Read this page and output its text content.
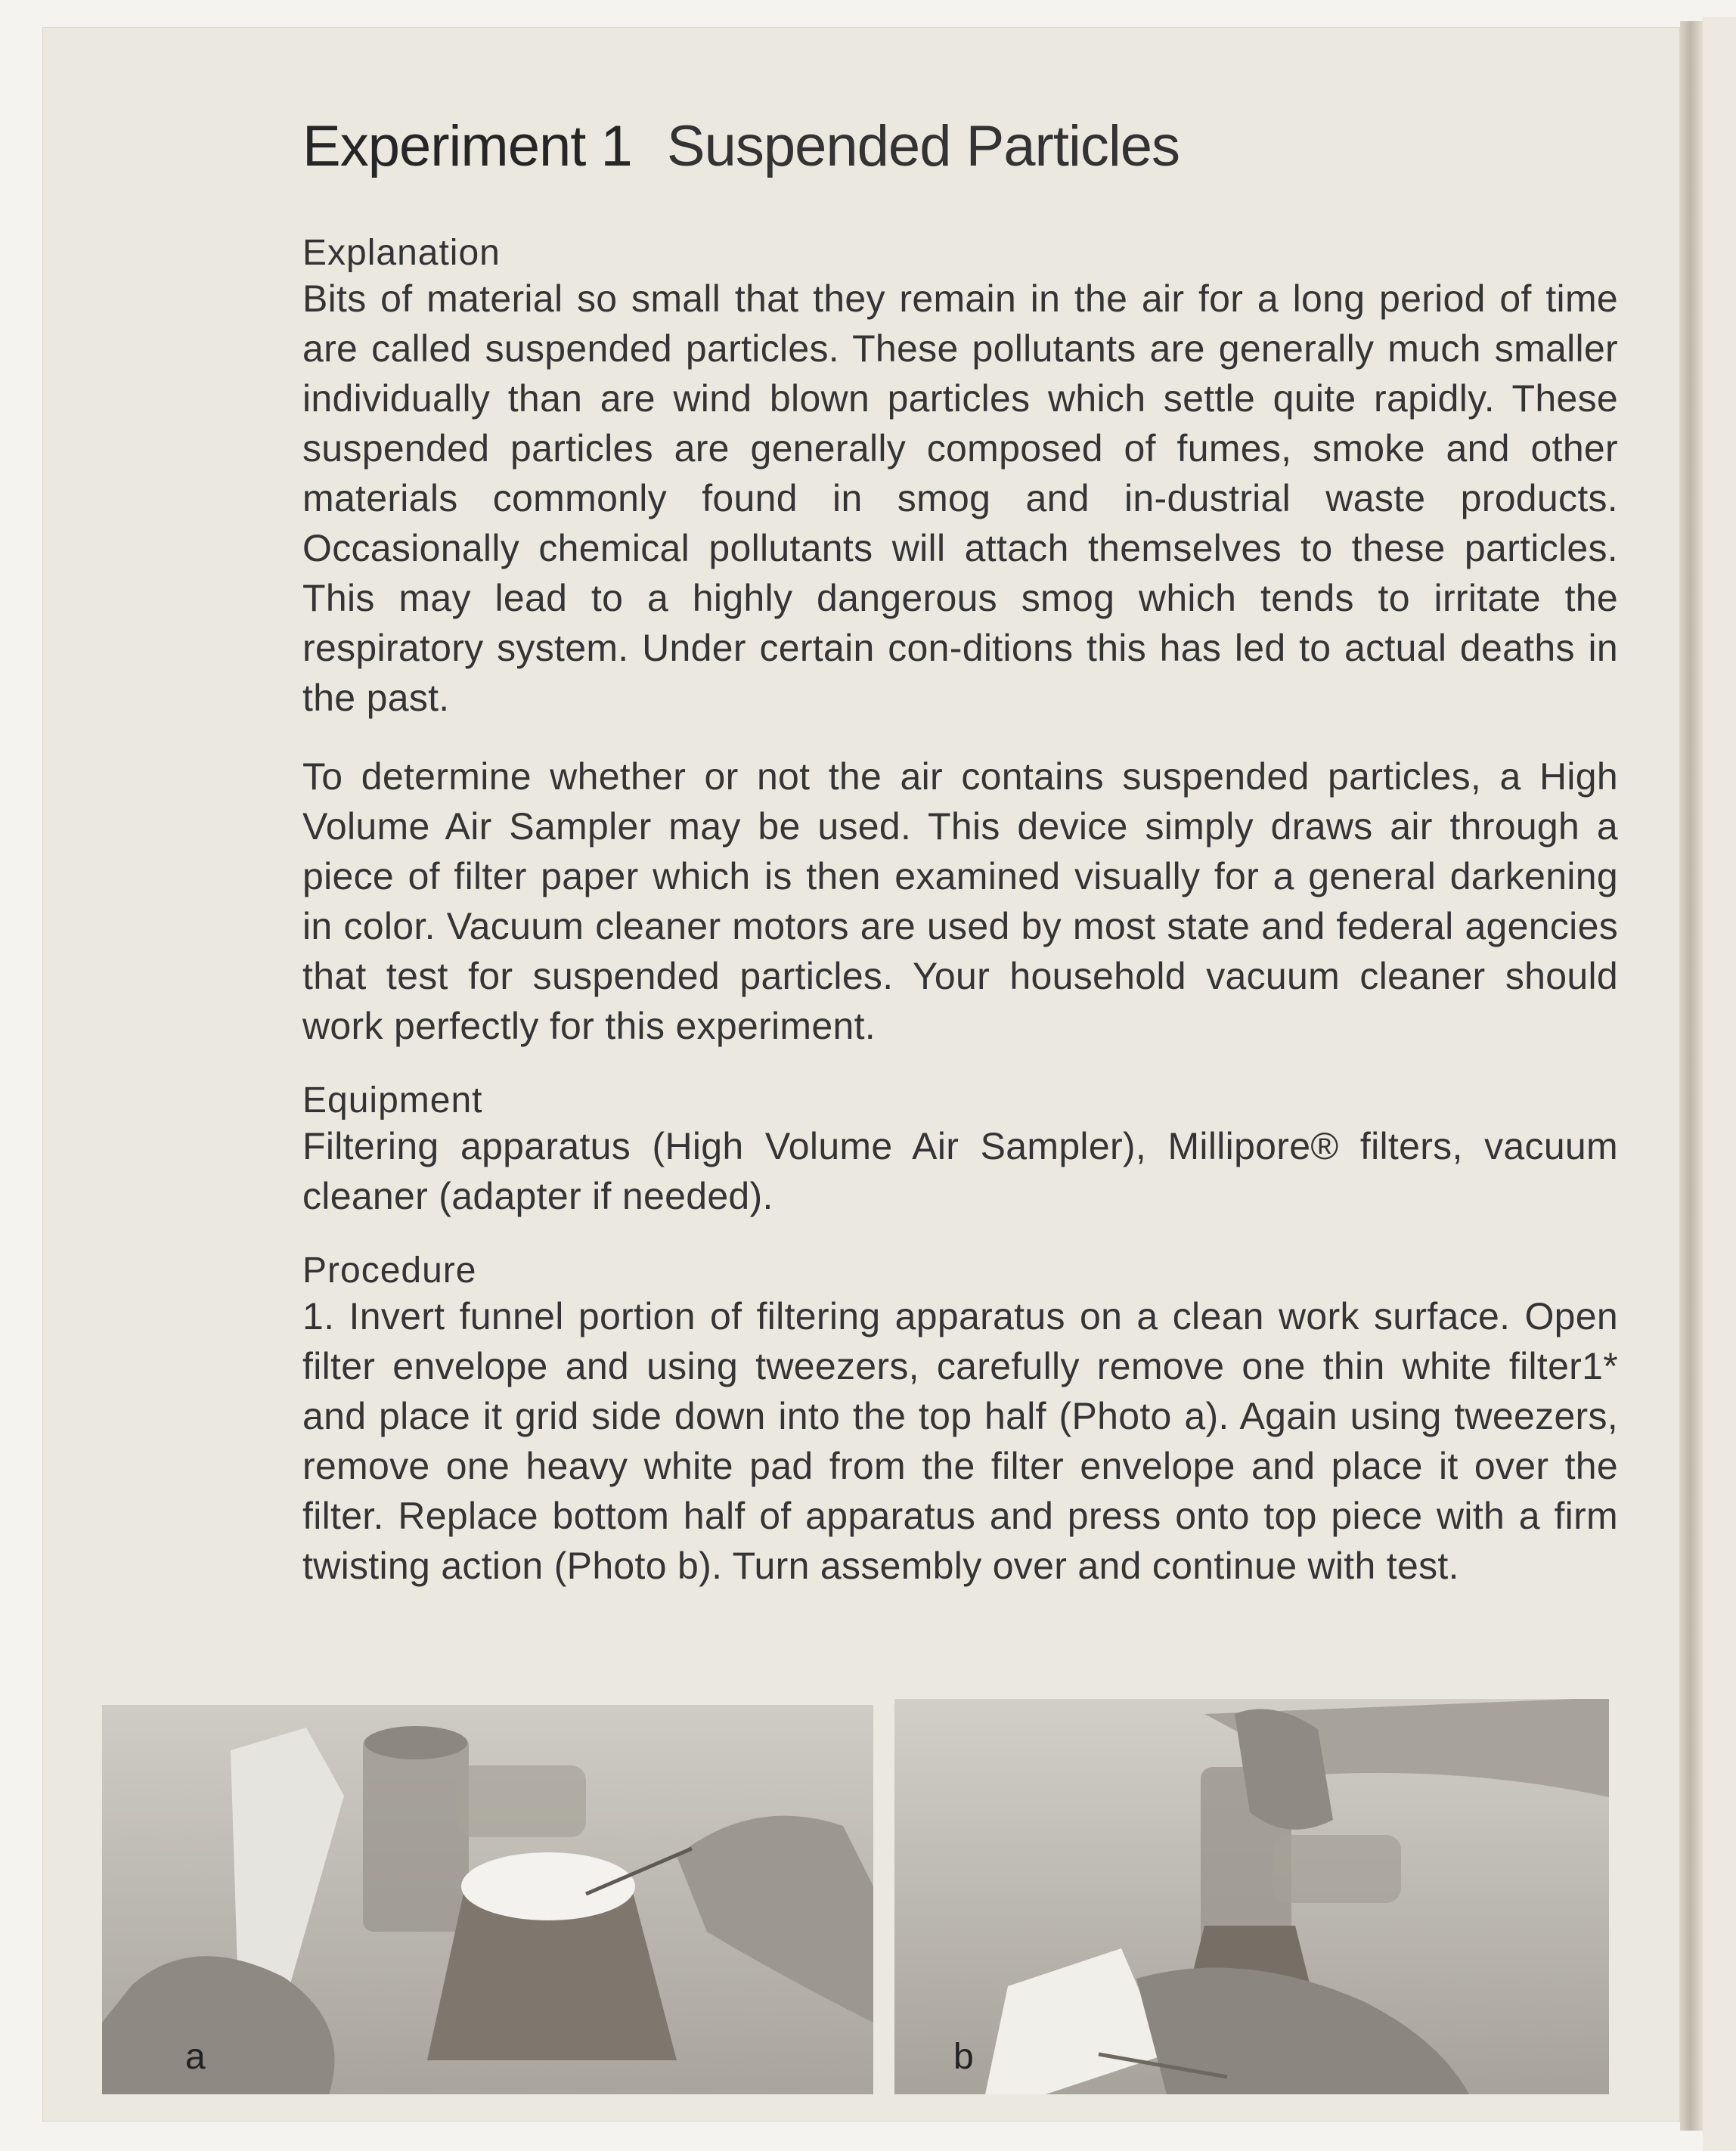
Experiment 1 Suspended Particles
Explanation

Bits of material so small that they remain in the air for a long period of time are called suspended particles. These pollutants are generally much smaller individually than are wind blown particles which settle quite rapidly. These suspended particles are generally composed of fumes, smoke and other materials commonly found in smog and in-dustrial waste products. Occasionally chemical pollutants will attach themselves to these particles. This may lead to a highly dangerous smog which tends to irritate the respiratory system. Under certain con-ditions this has led to actual deaths in the past.

To determine whether or not the air contains suspended particles, a High Volume Air Sampler may be used. This device simply draws air through a piece of filter paper which is then examined visually for a general darkening in color. Vacuum cleaner motors are used by most state and federal agencies that test for suspended particles. Your household vacuum cleaner should work perfectly for this experiment.

Equipment

Filtering apparatus (High Volume Air Sampler), Millipore® filters, vacuum cleaner (adapter if needed).

Procedure

1. Invert funnel portion of filtering apparatus on a clean work surface. Open filter envelope and using tweezers, carefully remove one thin white filter1* and place it grid side down into the top half (Photo a). Again using tweezers, remove one heavy white pad from the filter envelope and place it over the filter. Replace bottom half of apparatus and press onto top piece with a firm twisting action (Photo b). Turn assembly over and continue with test.

a	b
